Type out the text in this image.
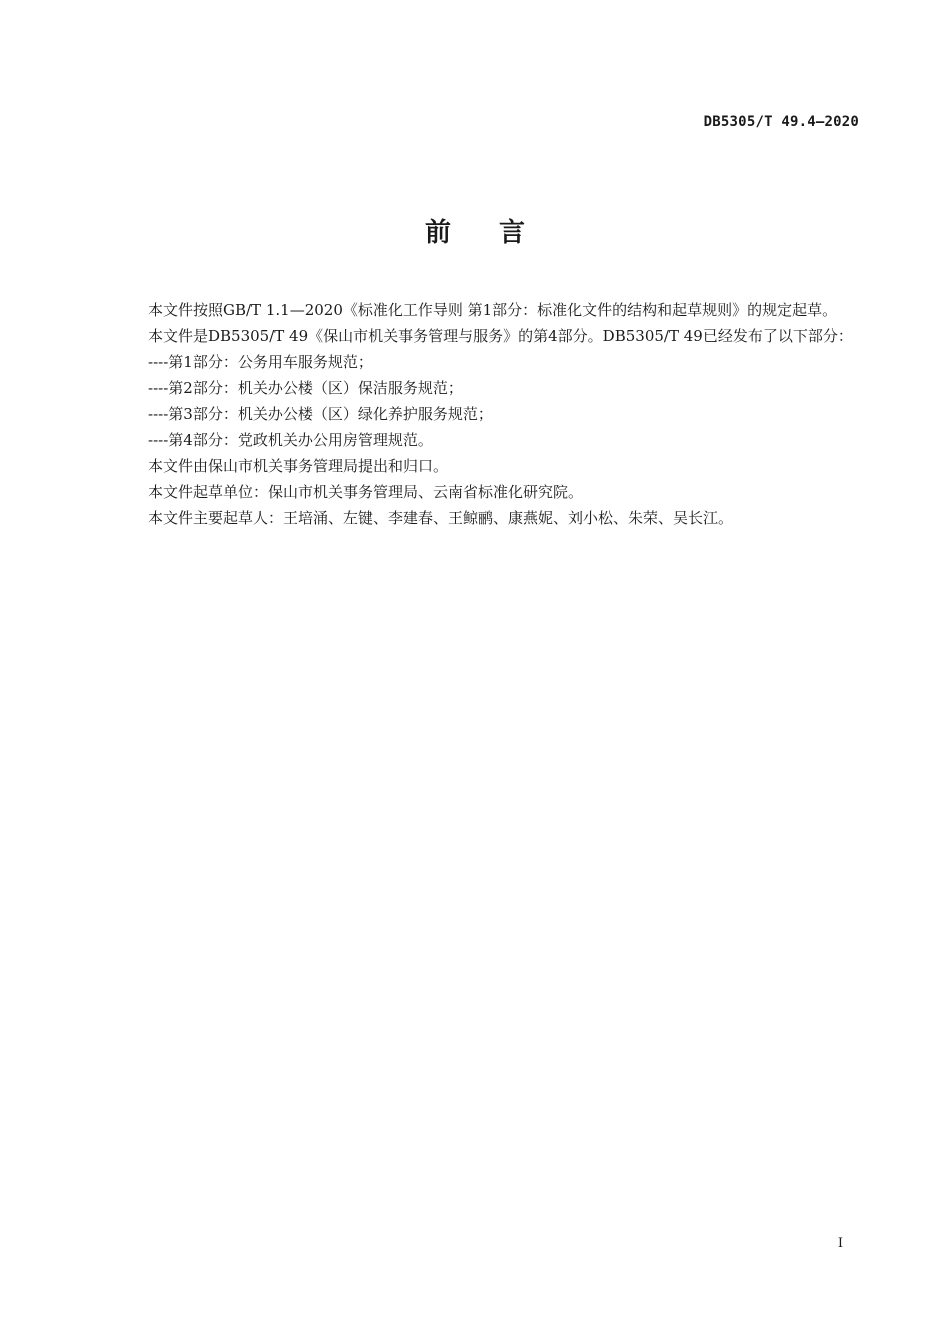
DB5305/T 49.4—2020
前 言

本文件按照GB/T 1.1—2020《标准化工作导则 第1部分：标准化文件的结构和起草规则》的规定起草。

本文件是DB5305/T 49《保山市机关事务管理与服务》的第4部分。DB5305/T 49已经发布了以下部分：

----第1部分：公务用车服务规范；

----第2部分：机关办公楼（区）保洁服务规范；

----第3部分：机关办公楼（区）绿化养护服务规范；

----第4部分：党政机关办公用房管理规范。

本文件由保山市机关事务管理局提出和归口。

本文件起草单位：保山市机关事务管理局、云南省标准化研究院。

本文件主要起草人：王培涌、左键、李建春、王鲸鹂、康燕妮、刘小松、朱荣、吴长江。

I
